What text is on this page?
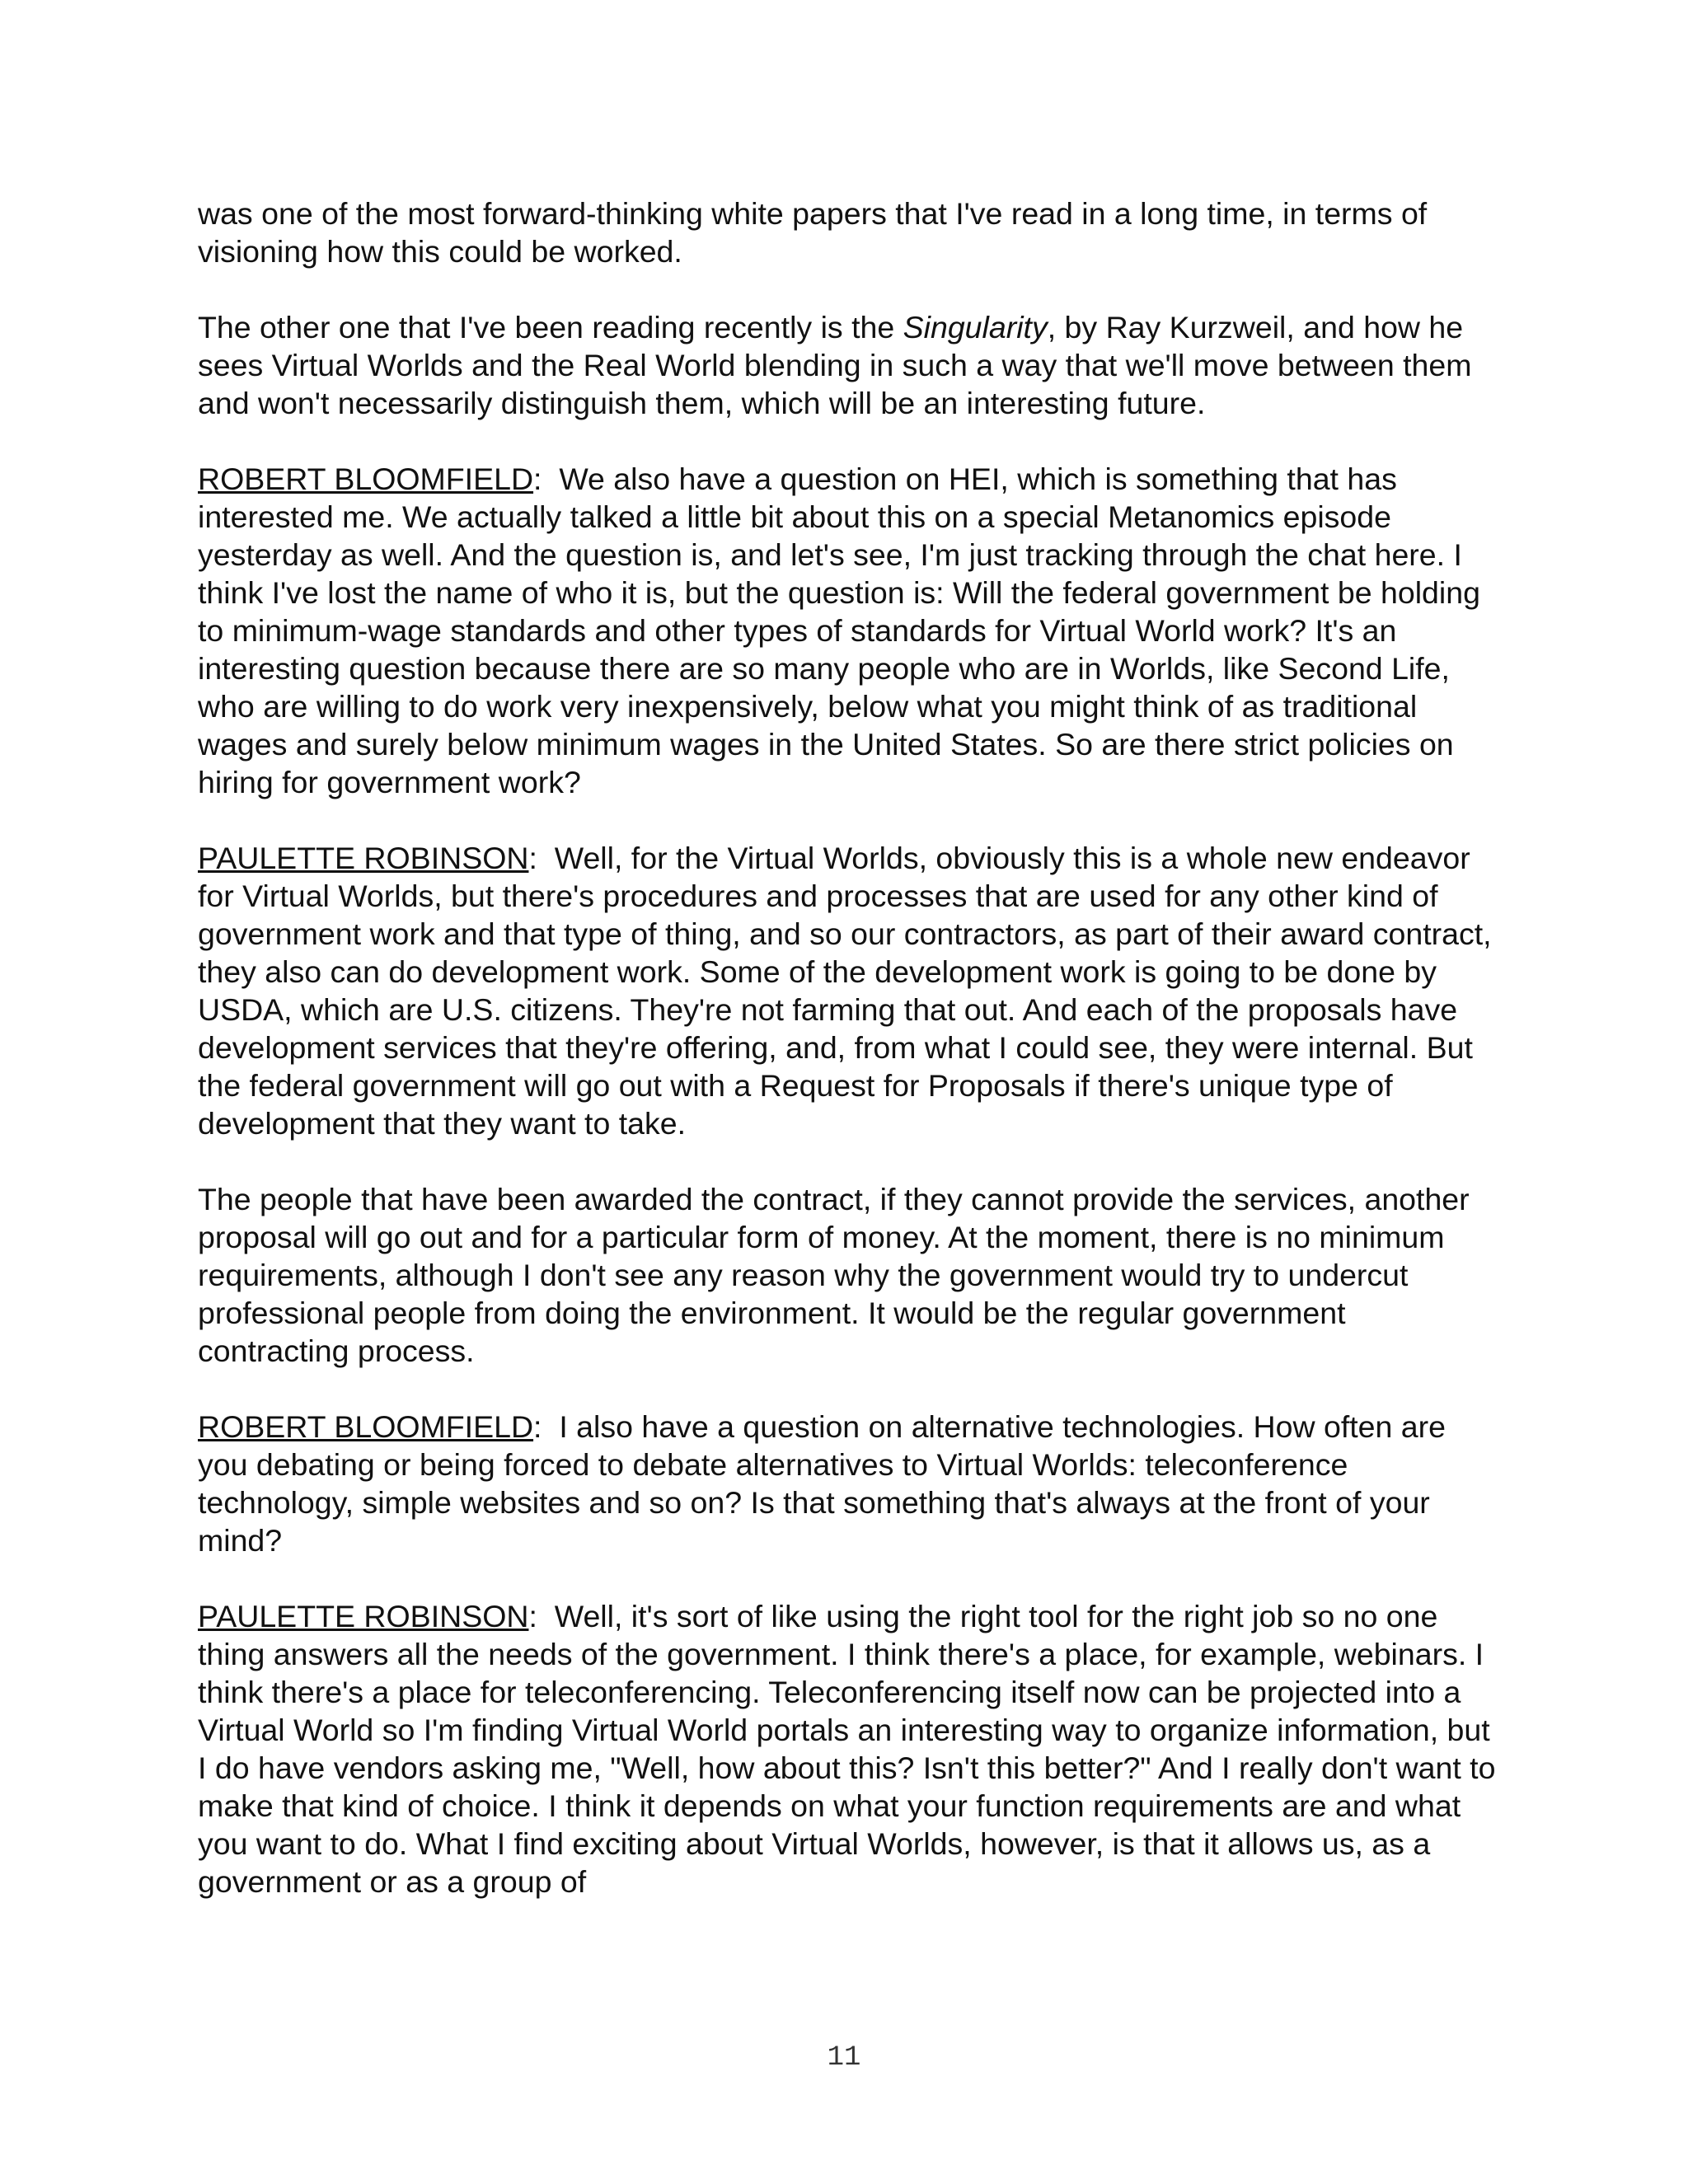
was one of the most forward-thinking white papers that I've read in a long time, in terms of visioning how this could be worked.

The other one that I've been reading recently is the Singularity, by Ray Kurzweil, and how he sees Virtual Worlds and the Real World blending in such a way that we'll move between them and won't necessarily distinguish them, which will be an interesting future.

ROBERT BLOOMFIELD:  We also have a question on HEI, which is something that has interested me. We actually talked a little bit about this on a special Metanomics episode yesterday as well. And the question is, and let's see, I'm just tracking through the chat here. I think I've lost the name of who it is, but the question is: Will the federal government be holding to minimum-wage standards and other types of standards for Virtual World work? It's an interesting question because there are so many people who are in Worlds, like Second Life, who are willing to do work very inexpensively, below what you might think of as traditional wages and surely below minimum wages in the United States. So are there strict policies on hiring for government work?

PAULETTE ROBINSON:  Well, for the Virtual Worlds, obviously this is a whole new endeavor for Virtual Worlds, but there's procedures and processes that are used for any other kind of government work and that type of thing, and so our contractors, as part of their award contract, they also can do development work. Some of the development work is going to be done by USDA, which are U.S. citizens. They're not farming that out. And each of the proposals have development services that they're offering, and, from what I could see, they were internal. But the federal government will go out with a Request for Proposals if there's unique type of development that they want to take.

The people that have been awarded the contract, if they cannot provide the services, another proposal will go out and for a particular form of money. At the moment, there is no minimum requirements, although I don't see any reason why the government would try to undercut professional people from doing the environment. It would be the regular government contracting process.

ROBERT BLOOMFIELD:  I also have a question on alternative technologies. How often are you debating or being forced to debate alternatives to Virtual Worlds: teleconference technology, simple websites and so on? Is that something that's always at the front of your mind?

PAULETTE ROBINSON:  Well, it's sort of like using the right tool for the right job so no one thing answers all the needs of the government. I think there's a place, for example, webinars. I think there's a place for teleconferencing. Teleconferencing itself now can be projected into a Virtual World so I'm finding Virtual World portals an interesting way to organize information, but I do have vendors asking me, "Well, how about this? Isn't this better?" And I really don't want to make that kind of choice. I think it depends on what your function requirements are and what you want to do. What I find exciting about Virtual Worlds, however, is that it allows us, as a government or as a group of

11
